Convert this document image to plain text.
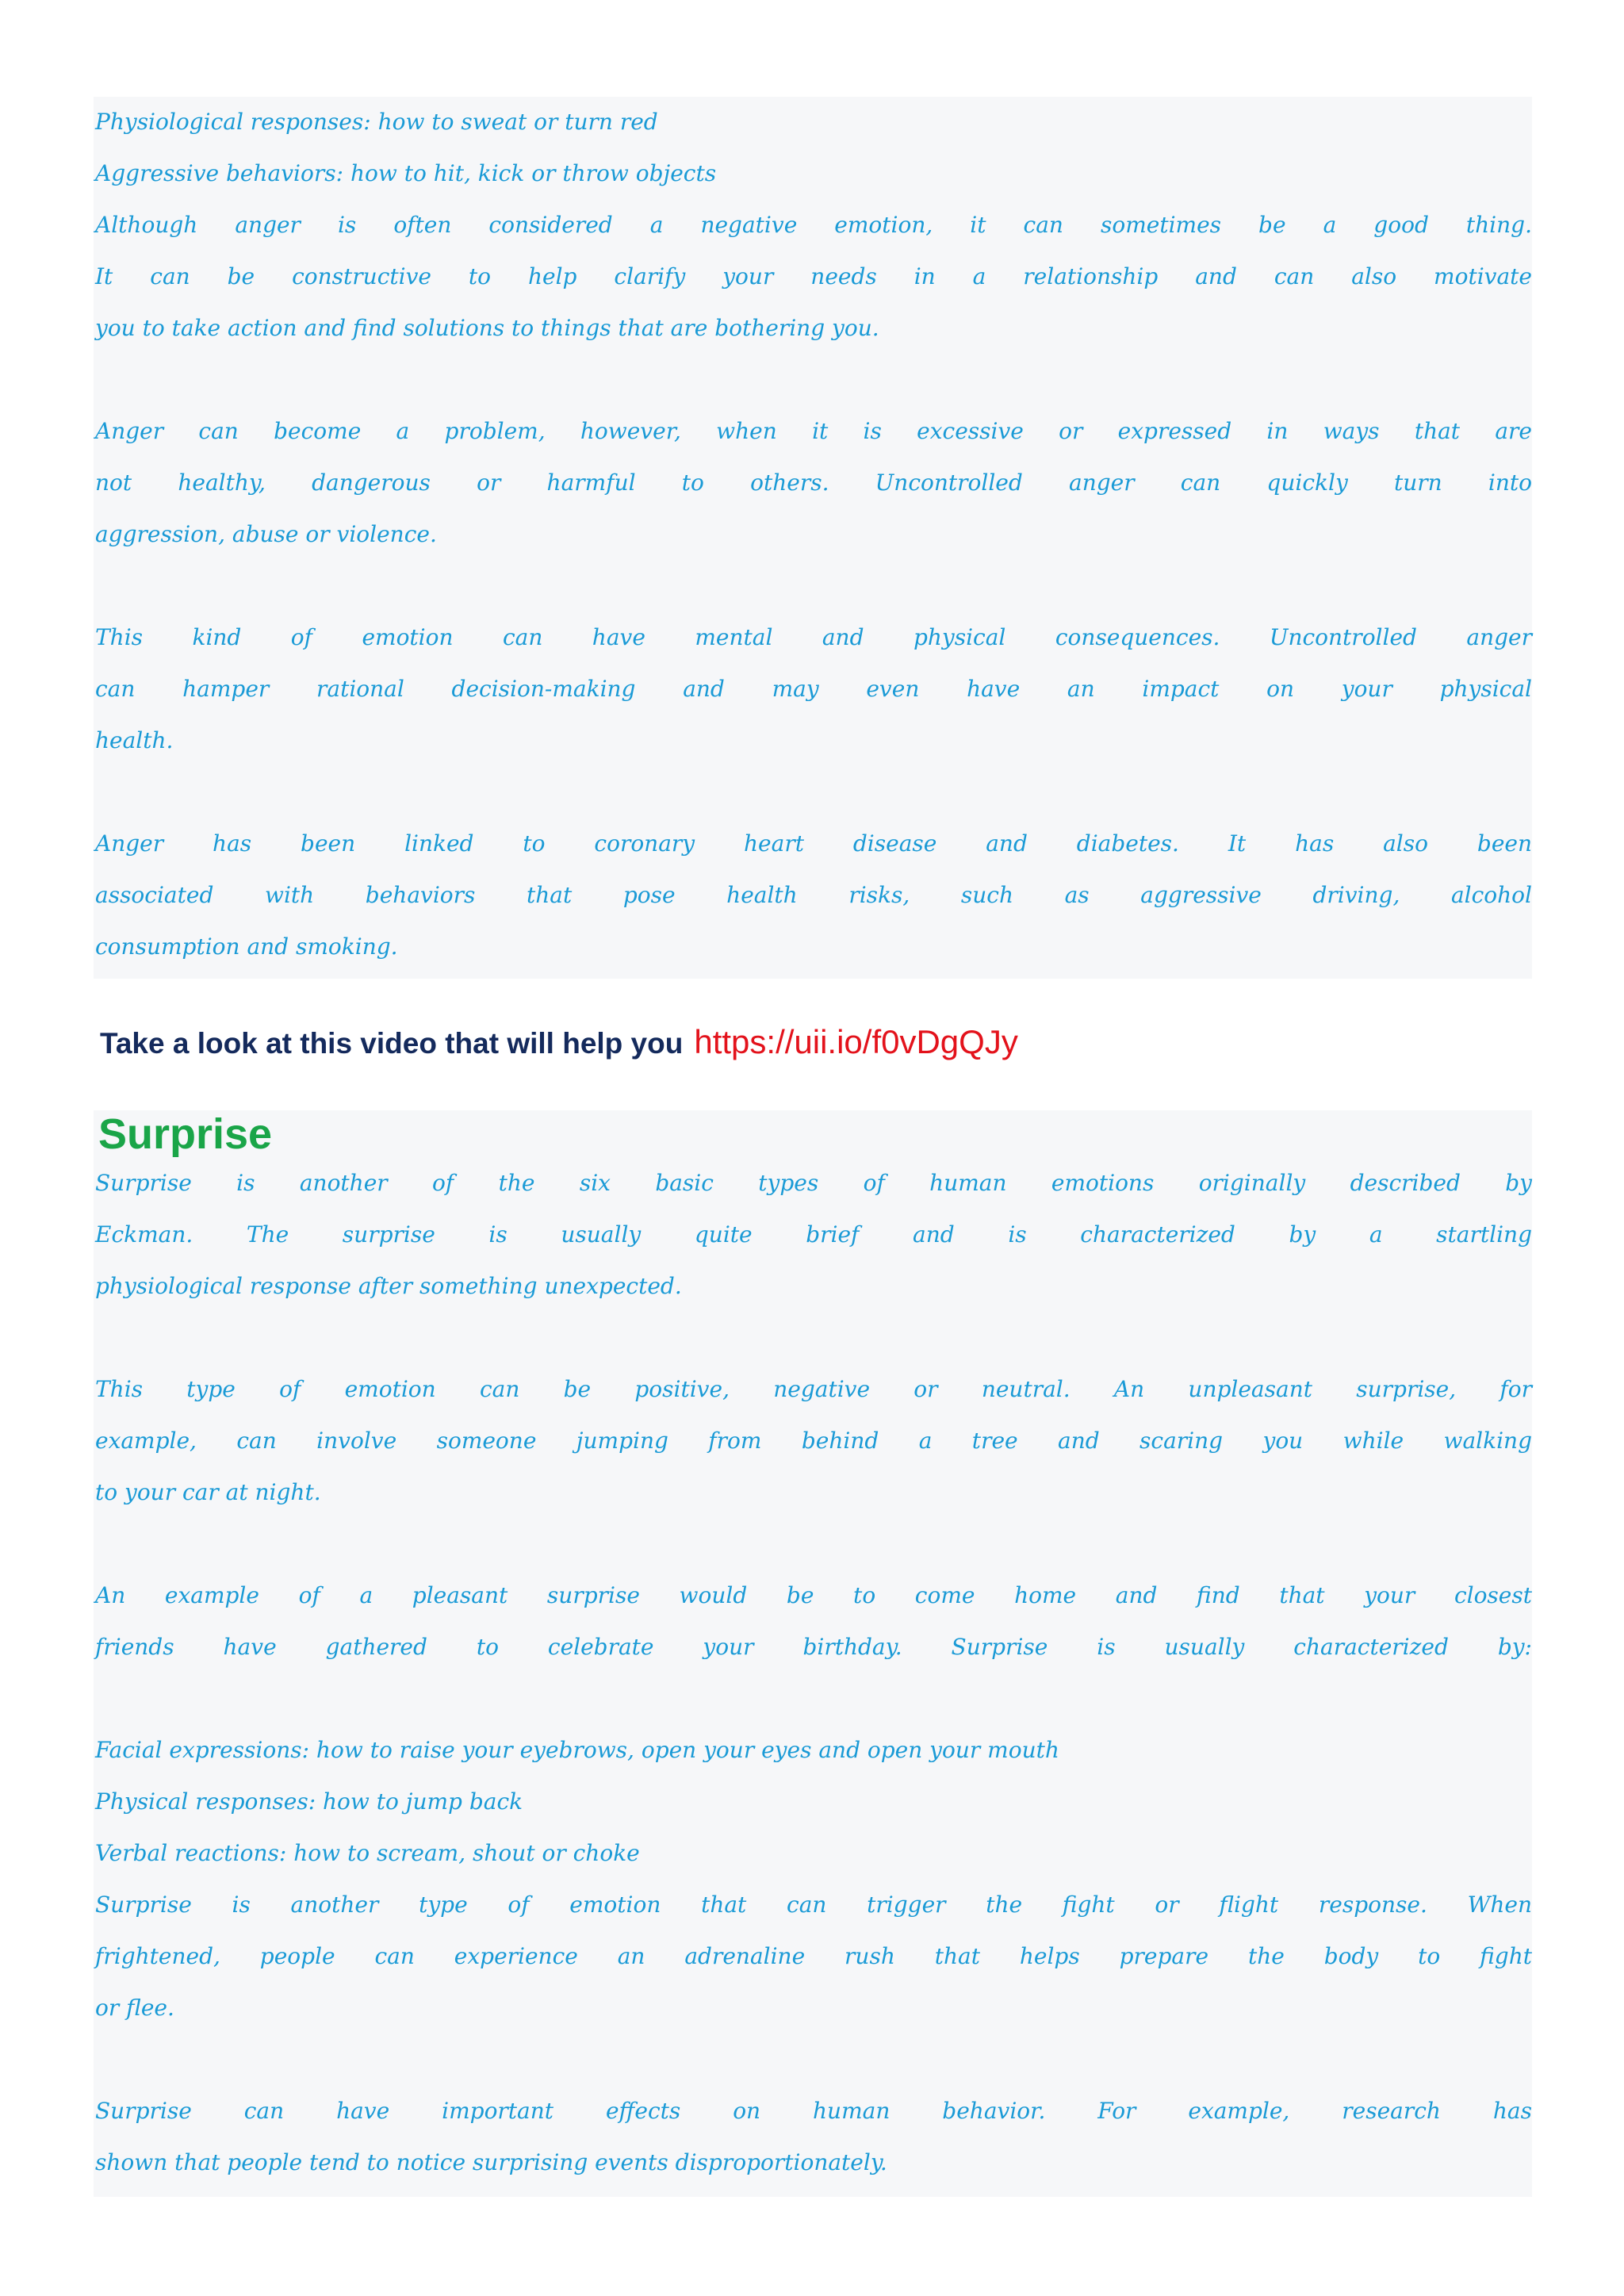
Physiological responses: how to sweat or turn red
Aggressive behaviors: how to hit, kick or throw objects
Although anger is often considered a negative emotion, it can sometimes be a good thing.
It can be constructive to help clarify your needs in a relationship and can also motivate
you to take action and find solutions to things that are bothering you.
Anger can become a problem, however, when it is excessive or expressed in ways that are
not healthy, dangerous or harmful to others. Uncontrolled anger can quickly turn into
aggression, abuse or violence.
This kind of emotion can have mental and physical consequences. Uncontrolled anger
can hamper rational decision-making and may even have an impact on your physical
health.
Anger has been linked to coronary heart disease and diabetes. It has also been
associated with behaviors that pose health risks, such as aggressive driving, alcohol
consumption and smoking.
Take a look at this video that will help you https://uii.io/f0vDgQJy
Surprise is another of the six basic types of human emotions originally described by
Eckman. The surprise is usually quite brief and is characterized by a startling
physiological response after something unexpected.
This type of emotion can be positive, negative or neutral. An unpleasant surprise, for
example, can involve someone jumping from behind a tree and scaring you while walking
to your car at night.
An example of a pleasant surprise would be to come home and find that your closest
friends have gathered to celebrate your birthday. Surprise is usually characterized by:
Facial expressions: how to raise your eyebrows, open your eyes and open your mouth
Physical responses: how to jump back
Verbal reactions: how to scream, shout or choke
Surprise is another type of emotion that can trigger the fight or flight response. When
frightened, people can experience an adrenaline rush that helps prepare the body to fight
or flee.
Surprise can have important effects on human behavior. For example, research has
shown that people tend to notice surprising events disproportionately.
Surprise
